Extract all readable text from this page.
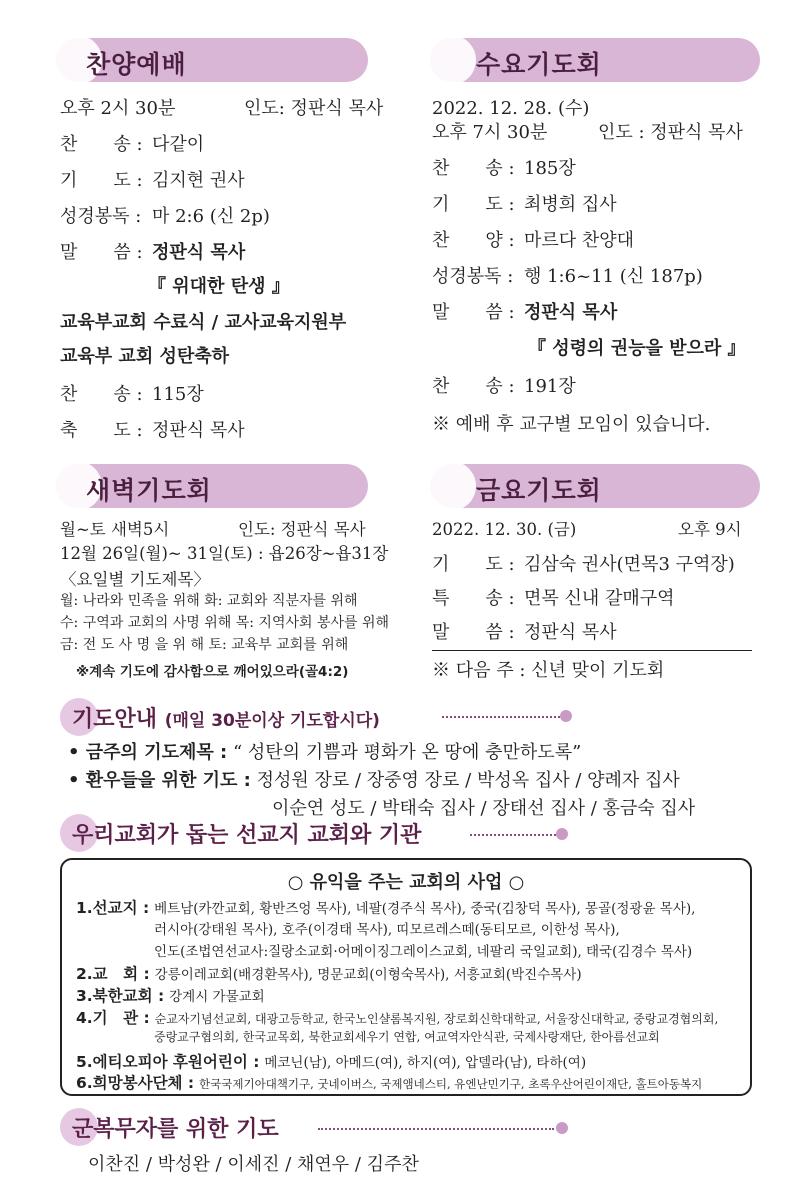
찬양예배
오후 2시 30분	인도: 정판식 목사
찬　　송 : 다같이
기　　도 : 김지현 권사
성경봉독 : 마 2:6 (신 2p)
말　　씀 : 정판식 목사
『 위대한 탄생 』
교육부교회 수료식 / 교사교육지원부
교육부 교회 성탄축하
찬　　송 : 115장
축　　도 : 정판식 목사
수요기도회
2022. 12. 28. (수)
오후 7시 30분	인도 : 정판식 목사
찬　　송 : 185장
기　　도 : 최병희 집사
찬　　양 : 마르다 찬양대
성경봉독 : 행 1:6~11 (신 187p)
말　　씀 : 정판식 목사
『 성령의 권능을 받으라 』
찬　　송 : 191장
※ 예배 후 교구별 모임이 있습니다.
새벽기도회
월~토 새벽5시	인도: 정판식 목사
12월 26일(월)~ 31일(토) : 욥26장~욥31장
〈요일별 기도제목〉
월: 나라와 민족을 위해 화: 교회와 직분자를 위해
수: 구역과 교회의 사명 위해 목: 지역사회 봉사를 위해
금: 전 도 사 명 을 위 해 토: 교육부 교회를 위해
※계속 기도에 감사함으로 깨어있으라(골4:2)
금요기도회
2022. 12. 30. (금)	오후 9시
기　　도 : 김삼숙 권사(면목3 구역장)
특　　송 : 면목 신내 갈매구역
말　　씀 : 정판식 목사
※ 다음 주 : 신년 맞이 기도회
기도안내 (매일 30분이상 기도합시다)
• 금주의 기도제목 : “ 성탄의 기쁨과 평화가 온 땅에 충만하도록”
• 환우들을 위한 기도 : 정성원 장로 / 장중영 장로 / 박성옥 집사 / 양례자 집사
이순연 성도 / 박태숙 집사 / 장태선 집사 / 홍금숙 집사
우리교회가 돕는 선교지 교회와 기관
○ 유익을 주는 교회의 사업 ○
1.선교지 : 베트남(카깐교회, 황반즈엉 목사), 네팔(경주식 목사), 중국(김창덕 목사), 몽골(정광윤 목사),
러시아(강태원 목사), 호주(이경태 목사), 띠모르레스떼(동티모르, 이한성 목사),
인도(조법연선교사:질랑소교회·어메이징그레이스교회, 네팔리 국일교회), 태국(김경수 목사)
2.교　회 : 강릉이레교회(배경환목사), 명문교회(이형숙목사), 서흥교회(박진수목사)
3.북한교회 : 강계시 가물교회
4.기　관 : 순교자기념선교회, 대광고등학교, 한국노인샬롬복지원, 장로회신학대학교, 서울장신대학교, 중랑교경협의회,
중랑교구협의회, 한국교목회, 북한교회세우기 연합, 여교역자안식관, 국제사랑재단, 한아름선교회
5.에티오피아 후원어린이 : 메코닌(남), 아메드(여), 하지(여), 압델라(남), 타하(여)
6.희망봉사단체 : 한국국제기아대책기구, 굿네이버스, 국제앰네스티, 유엔난민기구, 초록우산어린이재단, 홀트아동복지
군복무자를 위한 기도
이찬진 / 박성완 / 이세진 / 채연우 / 김주찬
